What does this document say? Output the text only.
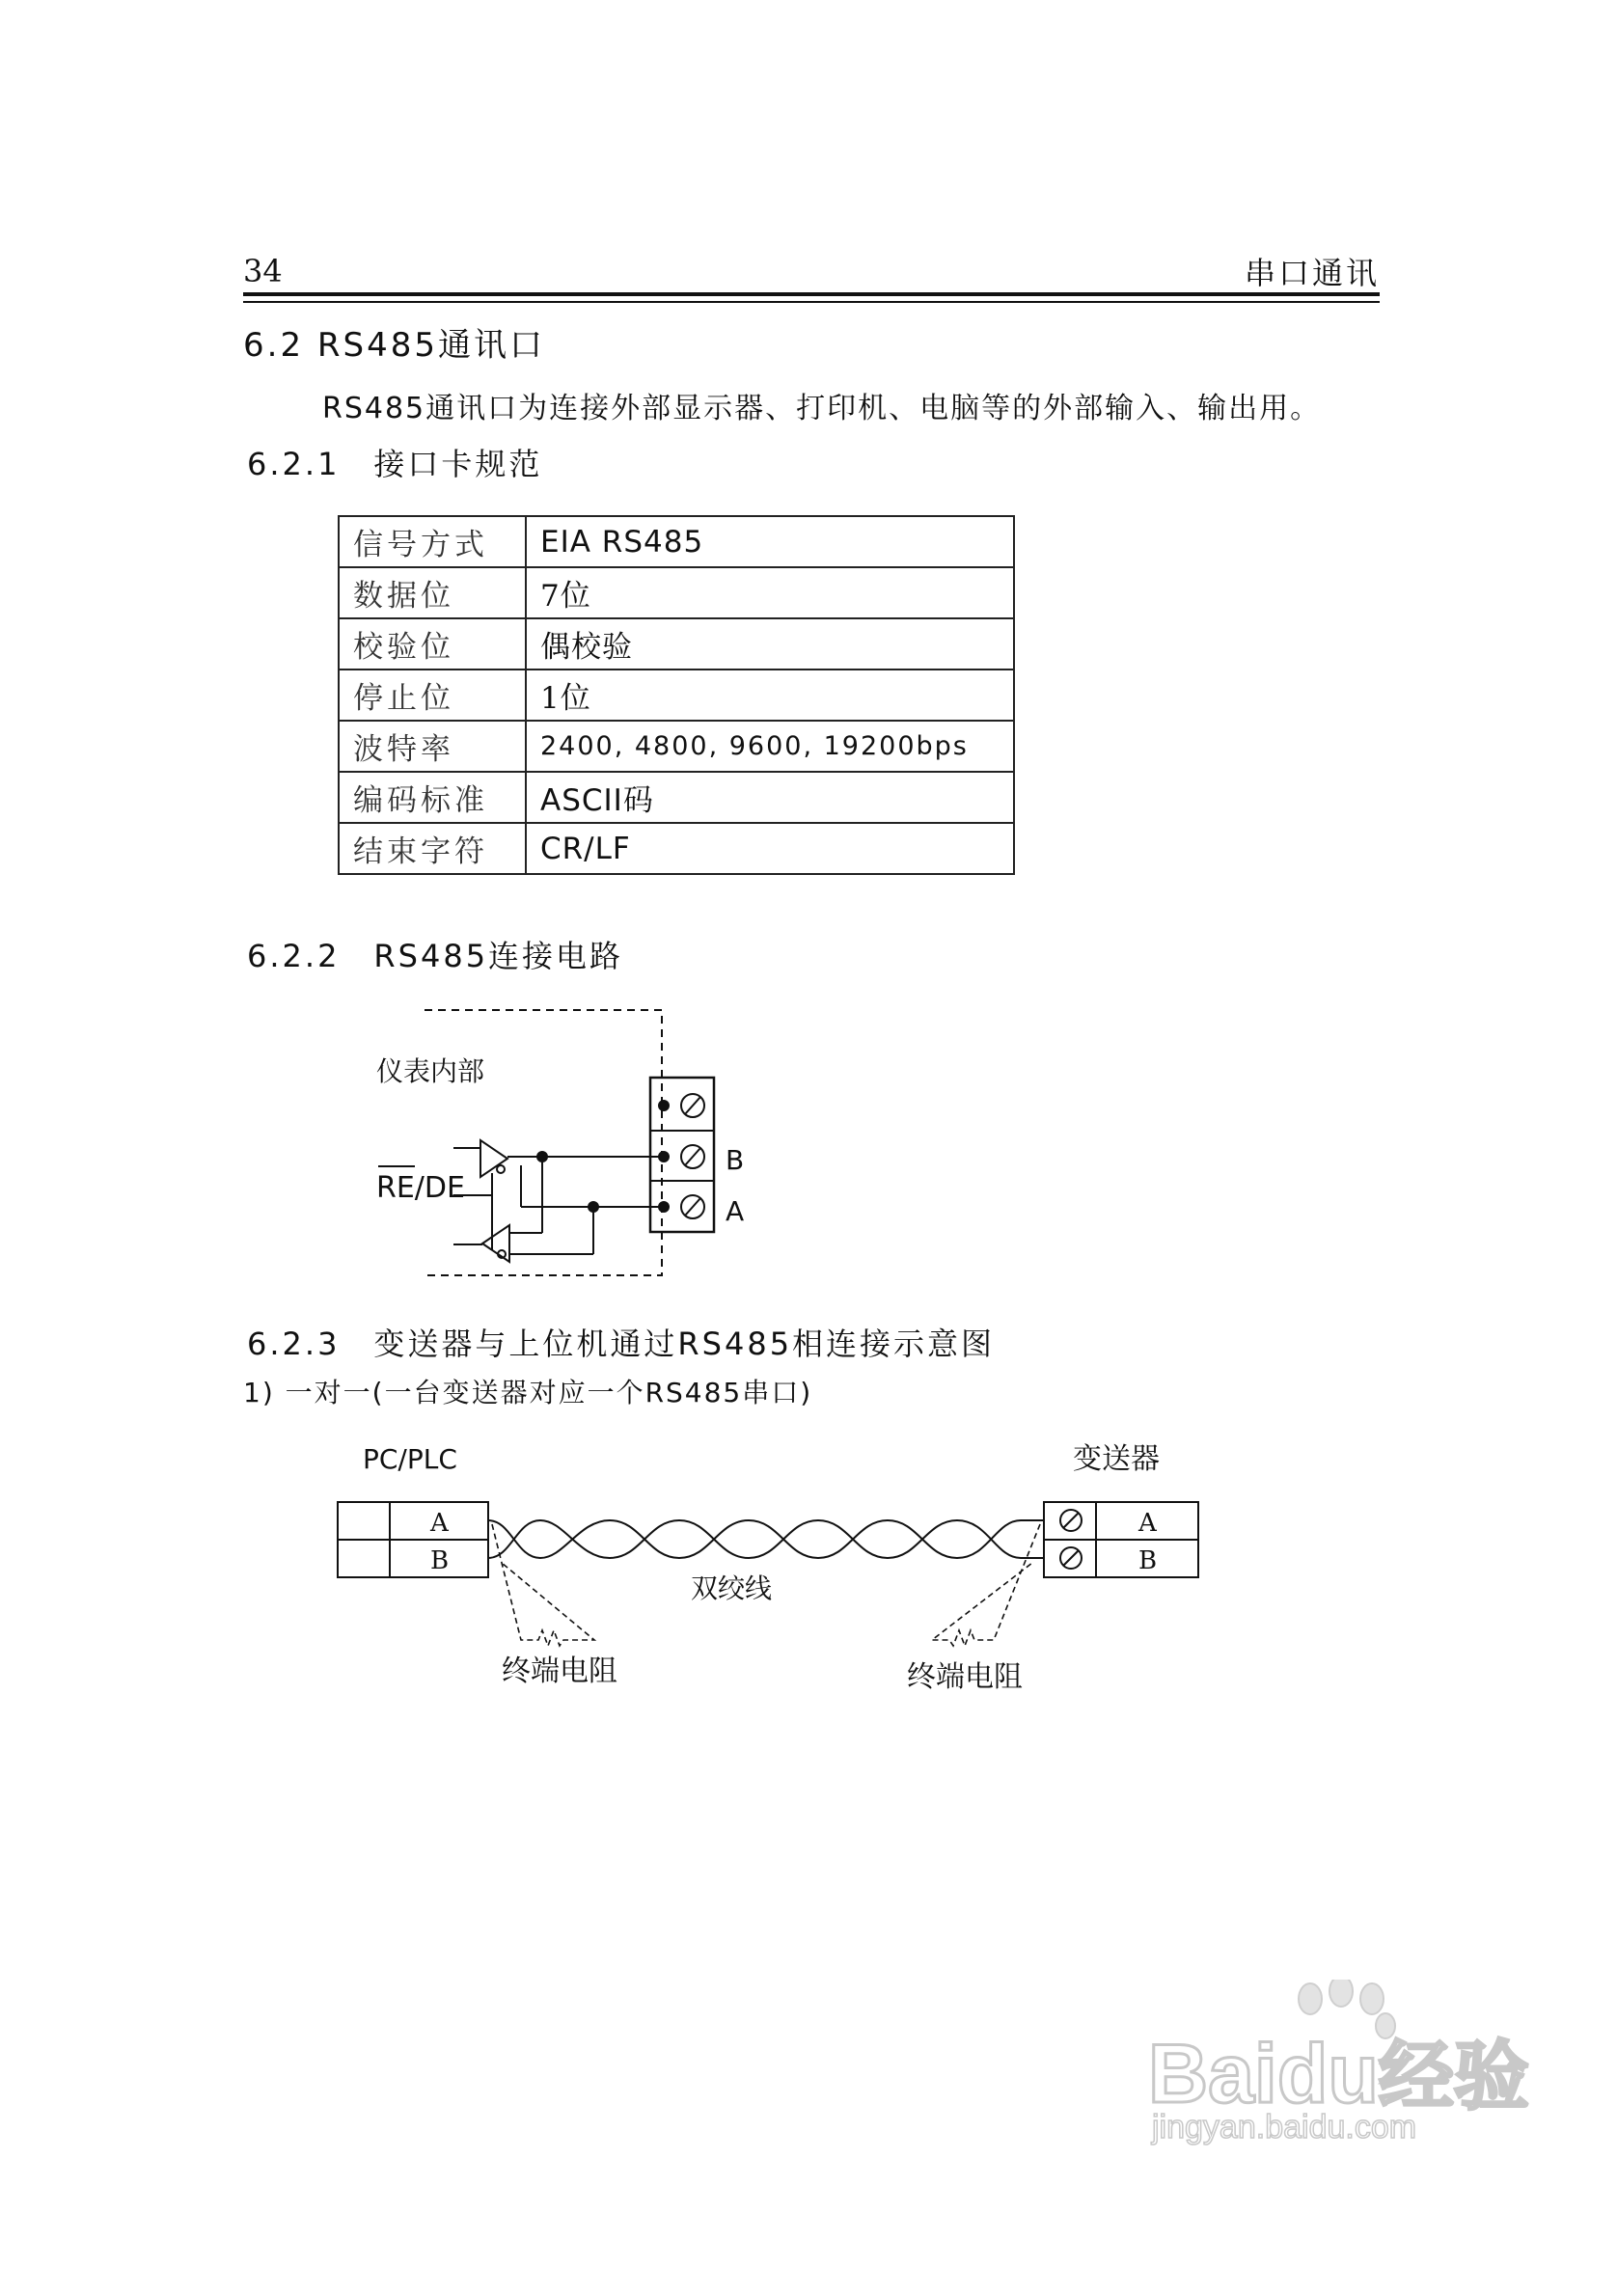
34	串口通讯
6.2 RS485通讯口
RS485通讯口为连接外部显示器、打印机、电脑等的外部输入、输出用。
6.2.1　接口卡规范
信号方式	EIA RS485
数据位	7位
校验位	偶校验
停止位	1位
波特率	2400, 4800, 9600, 19200bps
编码标准	ASCII码
结束字符	CR/LF
6.2.2　RS485连接电路
仪表内部
RE/DE
B
A
A
B
A
B
PC/PLC	变送器
双绞线
终端电阻	终端电阻
6.2.3　变送器与上位机通过RS485相连接示意图
1) 一对一(一台变送器对应一个RS485串口)
Baidu经验
jingyan.baidu.com
